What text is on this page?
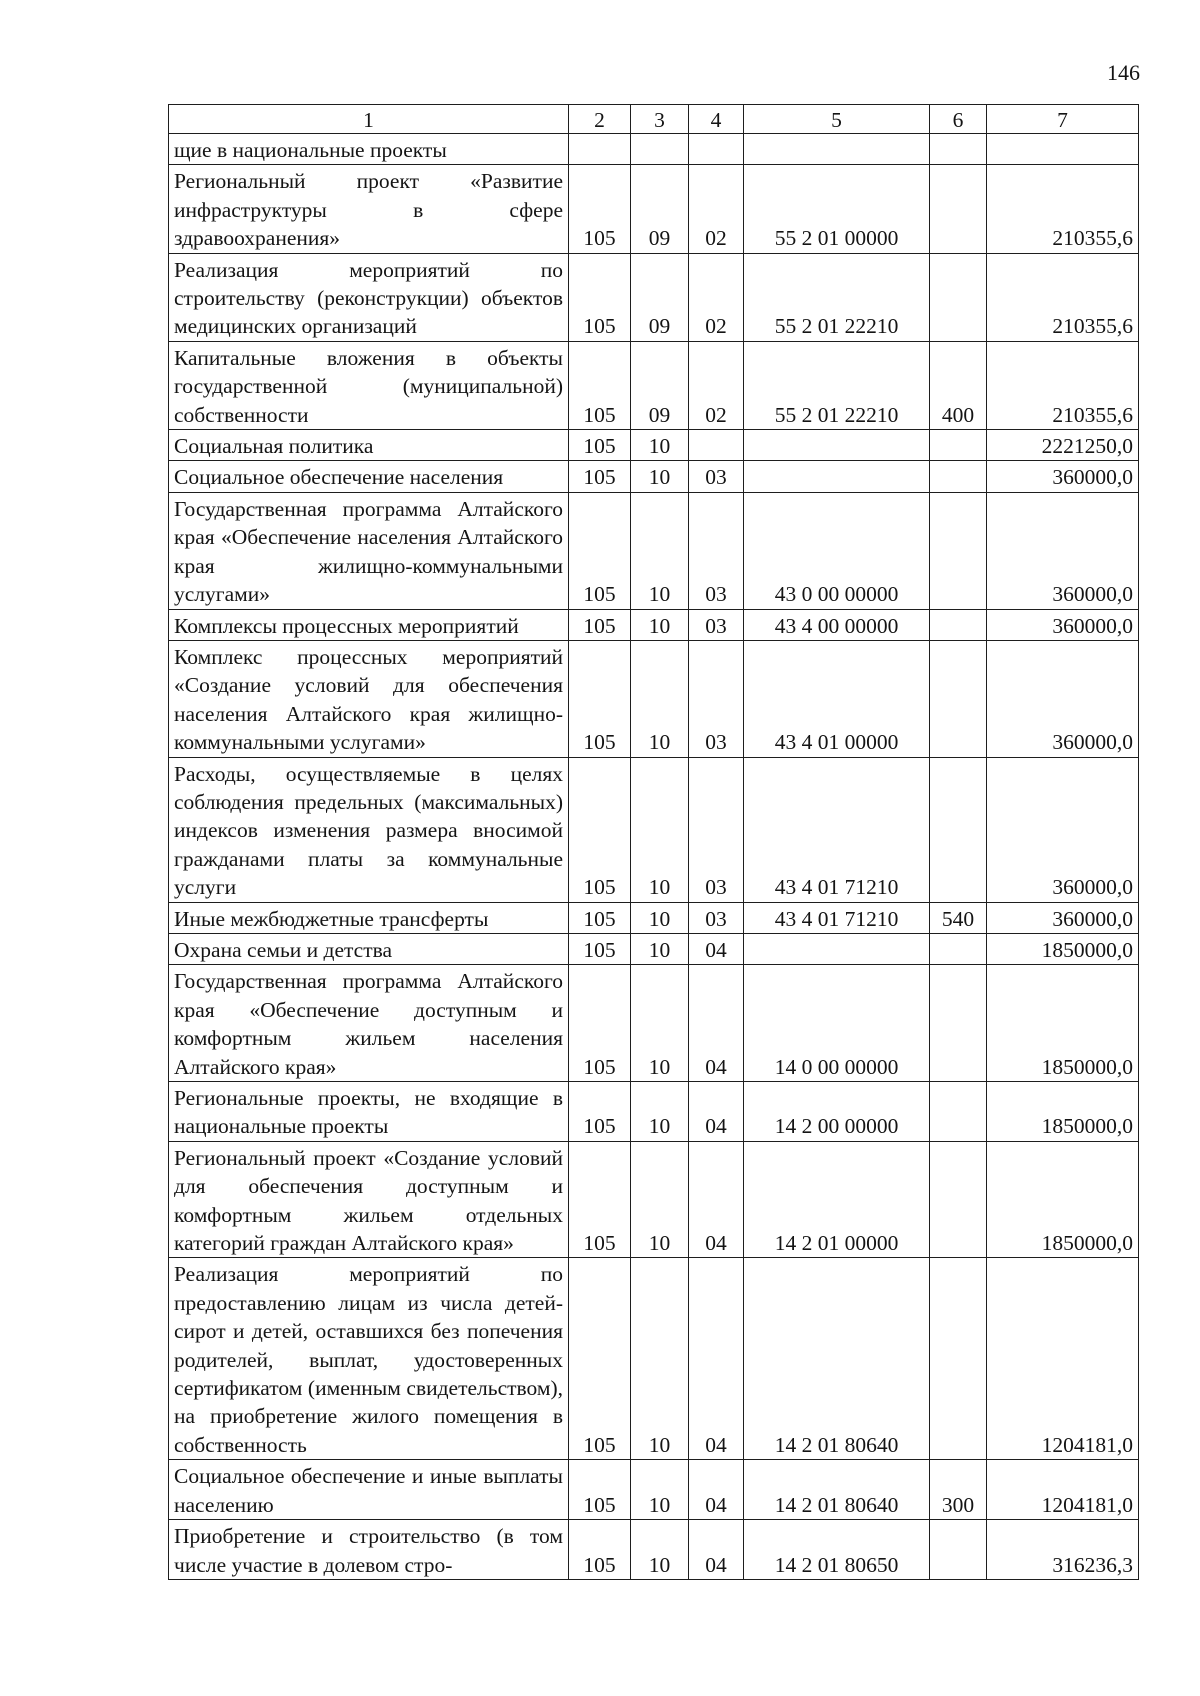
146
1	2	3	4	5	6	7
щие в национальные проекты						
Региональный проект «Развитие инфраструктуры в сфере здравоохранения»	105	09	02	55 2 01 00000		210355,6
Реализация мероприятий по строительству (реконструкции) объектов медицинских организаций	105	09	02	55 2 01 22210		210355,6
Капитальные вложения в объекты государственной (муниципальной) собственности	105	09	02	55 2 01 22210	400	210355,6
Социальная политика	105	10				2221250,0
Социальное обеспечение населения	105	10	03			360000,0
Государственная программа Алтайского края «Обеспечение населения Алтайского края жилищно-коммунальными услугами»	105	10	03	43 0 00 00000		360000,0
Комплексы процессных мероприятий	105	10	03	43 4 00 00000		360000,0
Комплекс процессных мероприятий «Создание условий для обеспечения населения Алтайского края жилищно-коммунальными услугами»	105	10	03	43 4 01 00000		360000,0
Расходы, осуществляемые в целях соблюдения предельных (максимальных) индексов изменения размера вносимой гражданами платы за коммунальные услуги	105	10	03	43 4 01 71210		360000,0
Иные межбюджетные трансферты	105	10	03	43 4 01 71210	540	360000,0
Охрана семьи и детства	105	10	04			1850000,0
Государственная программа Алтайского края «Обеспечение доступным и комфортным жильем населения Алтайского края»	105	10	04	14 0 00 00000		1850000,0
Региональные проекты, не входящие в национальные проекты	105	10	04	14 2 00 00000		1850000,0
Региональный проект «Создание условий для обеспечения доступным и комфортным жильем отдельных категорий граждан Алтайского края»	105	10	04	14 2 01 00000		1850000,0
Реализация мероприятий по предоставлению лицам из числа детей-сирот и детей, оставшихся без попечения родителей, выплат, удостоверенных сертификатом (именным свидетельством), на приобретение жилого помещения в собственность	105	10	04	14 2 01 80640		1204181,0
Социальное обеспечение и иные выплаты населению	105	10	04	14 2 01 80640	300	1204181,0
Приобретение и строительство (в том числе участие в долевом стро-	105	10	04	14 2 01 80650		316236,3
